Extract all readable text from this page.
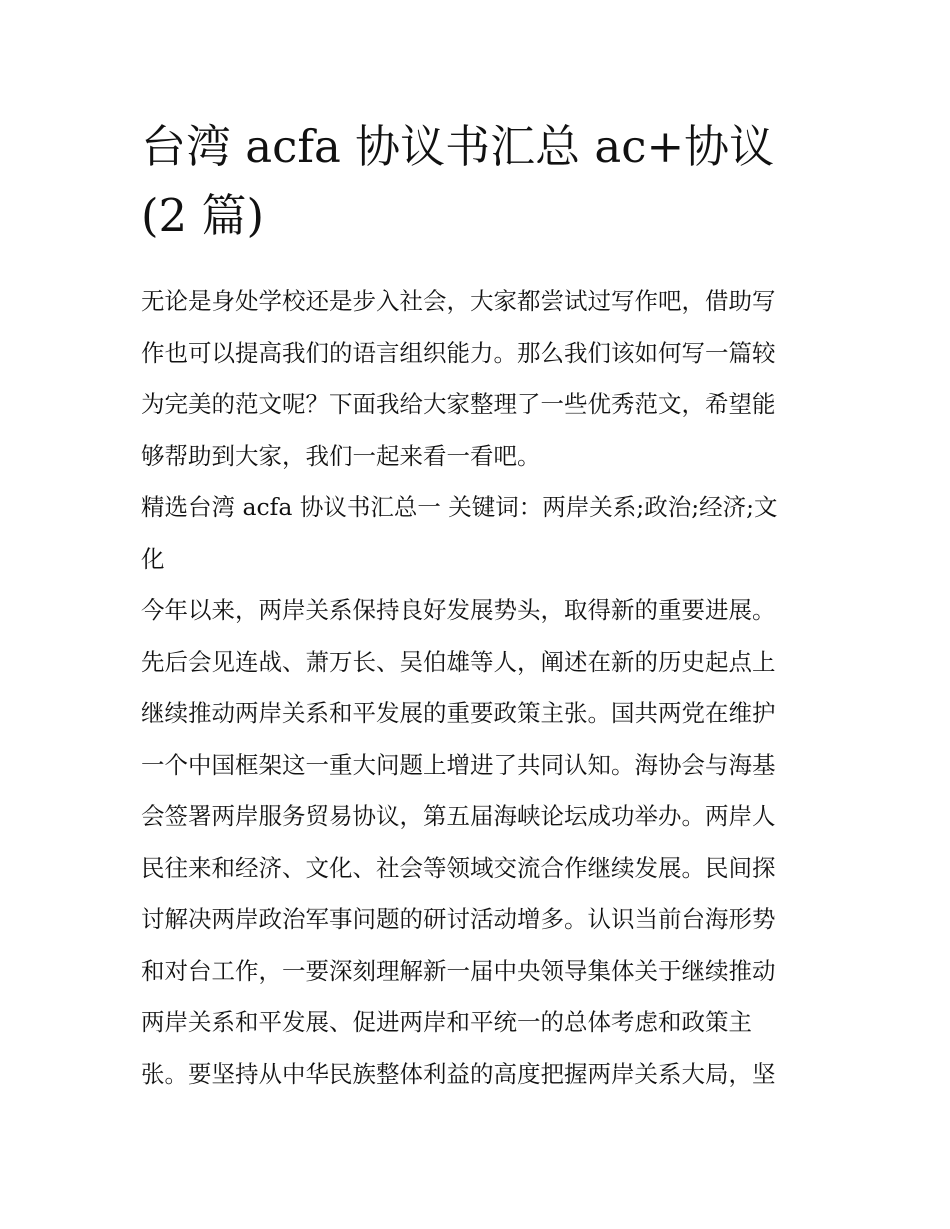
台湾 acfa 协议书汇总 ac+协议
(2 篇)

无论是身处学校还是步入社会，大家都尝试过写作吧，借助写
作也可以提高我们的语言组织能力。那么我们该如何写一篇较
为完美的范文呢？下面我给大家整理了一些优秀范文，希望能
够帮助到大家，我们一起来看一看吧。

精选台湾 acfa 协议书汇总一 关键词：两岸关系;政治;经济;文
化

今年以来，两岸关系保持良好发展势头，取得新的重要进展。
先后会见连战、萧万长、吴伯雄等人，阐述在新的历史起点上
继续推动两岸关系和平发展的重要政策主张。国共两党在维护
一个中国框架这一重大问题上增进了共同认知。海协会与海基
会签署两岸服务贸易协议，第五届海峡论坛成功举办。两岸人
民往来和经济、文化、社会等领域交流合作继续发展。民间探
讨解决两岸政治军事问题的研讨活动增多。认识当前台海形势
和对台工作，一要深刻理解新一届中央领导集体关于继续推动
两岸关系和平发展、促进两岸和平统一的总体考虑和政策主
张。要坚持从中华民族整体利益的高度把握两岸关系大局，坚
